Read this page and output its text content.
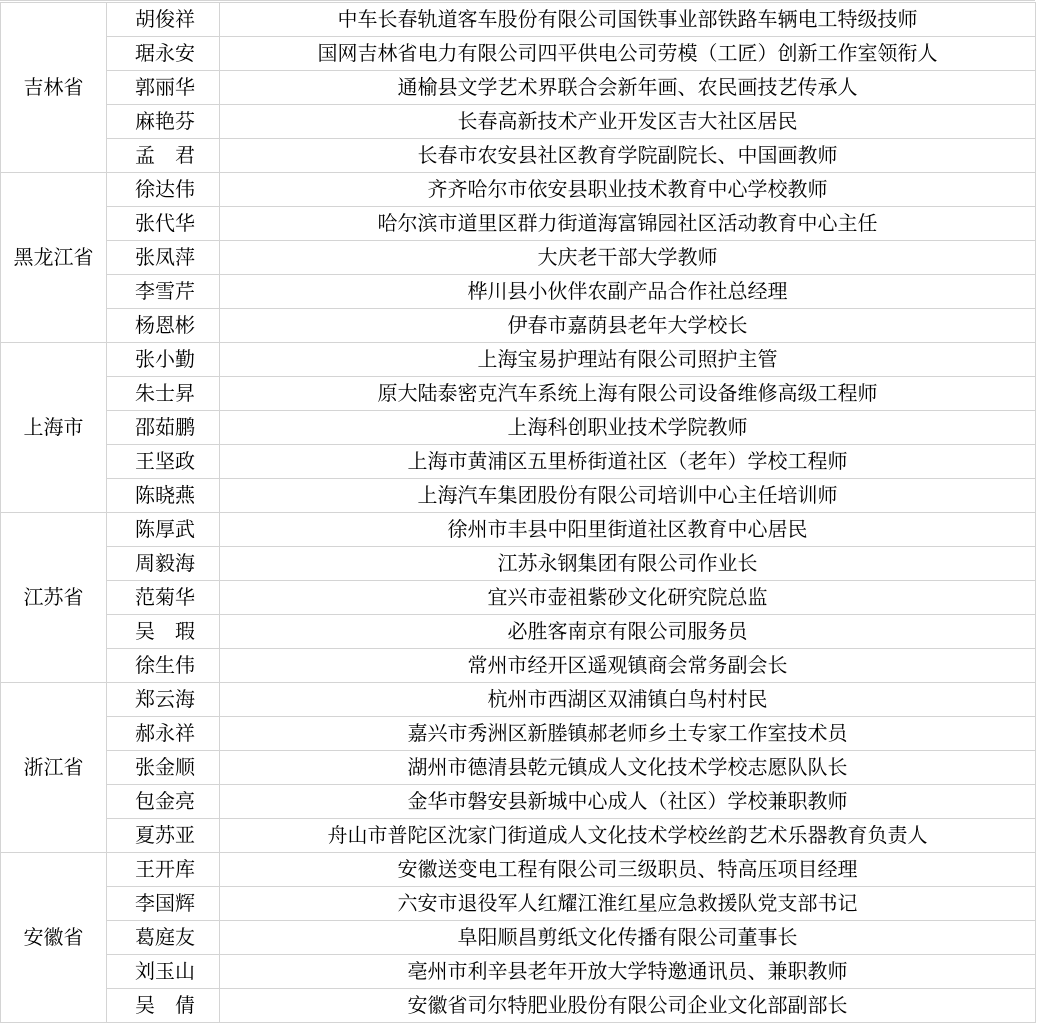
吉林省	胡俊祥	中车长春轨道客车股份有限公司国铁事业部铁路车辆电工特级技师
	琚永安	国网吉林省电力有限公司四平供电公司劳模（工匠）创新工作室领衔人
	郭丽华	通榆县文学艺术界联合会新年画、农民画技艺传承人
	麻艳芬	长春高新技术产业开发区吉大社区居民
	孟　君	长春市农安县社区教育学院副院长、中国画教师
黑龙江省	徐达伟	齐齐哈尔市依安县职业技术教育中心学校教师
	张代华	哈尔滨市道里区群力街道海富锦园社区活动教育中心主任
	张凤萍	大庆老干部大学教师
	李雪芹	桦川县小伙伴农副产品合作社总经理
	杨恩彬	伊春市嘉荫县老年大学校长
上海市	张小勤	上海宝易护理站有限公司照护主管
	朱士昇	原大陆泰密克汽车系统上海有限公司设备维修高级工程师
	邵茹鹏	上海科创职业技术学院教师
	王坚政	上海市黄浦区五里桥街道社区（老年）学校工程师
	陈晓燕	上海汽车集团股份有限公司培训中心主任培训师
江苏省	陈厚武	徐州市丰县中阳里街道社区教育中心居民
	周毅海	江苏永钢集团有限公司作业长
	范菊华	宜兴市壶祖紫砂文化研究院总监
	吴　瑕	必胜客南京有限公司服务员
	徐生伟	常州市经开区遥观镇商会常务副会长
浙江省	郑云海	杭州市西湖区双浦镇白鸟村村民
	郝永祥	嘉兴市秀洲区新塍镇郝老师乡土专家工作室技术员
	张金顺	湖州市德清县乾元镇成人文化技术学校志愿队队长
	包金亮	金华市磐安县新城中心成人（社区）学校兼职教师
	夏苏亚	舟山市普陀区沈家门街道成人文化技术学校丝韵艺术乐器教育负责人
安徽省	王开库	安徽送变电工程有限公司三级职员、特高压项目经理
	李国辉	六安市退役军人红耀江淮红星应急救援队党支部书记
	葛庭友	阜阳顺昌剪纸文化传播有限公司董事长
	刘玉山	亳州市利辛县老年开放大学特邀通讯员、兼职教师
	吴　倩	安徽省司尔特肥业股份有限公司企业文化部副部长
